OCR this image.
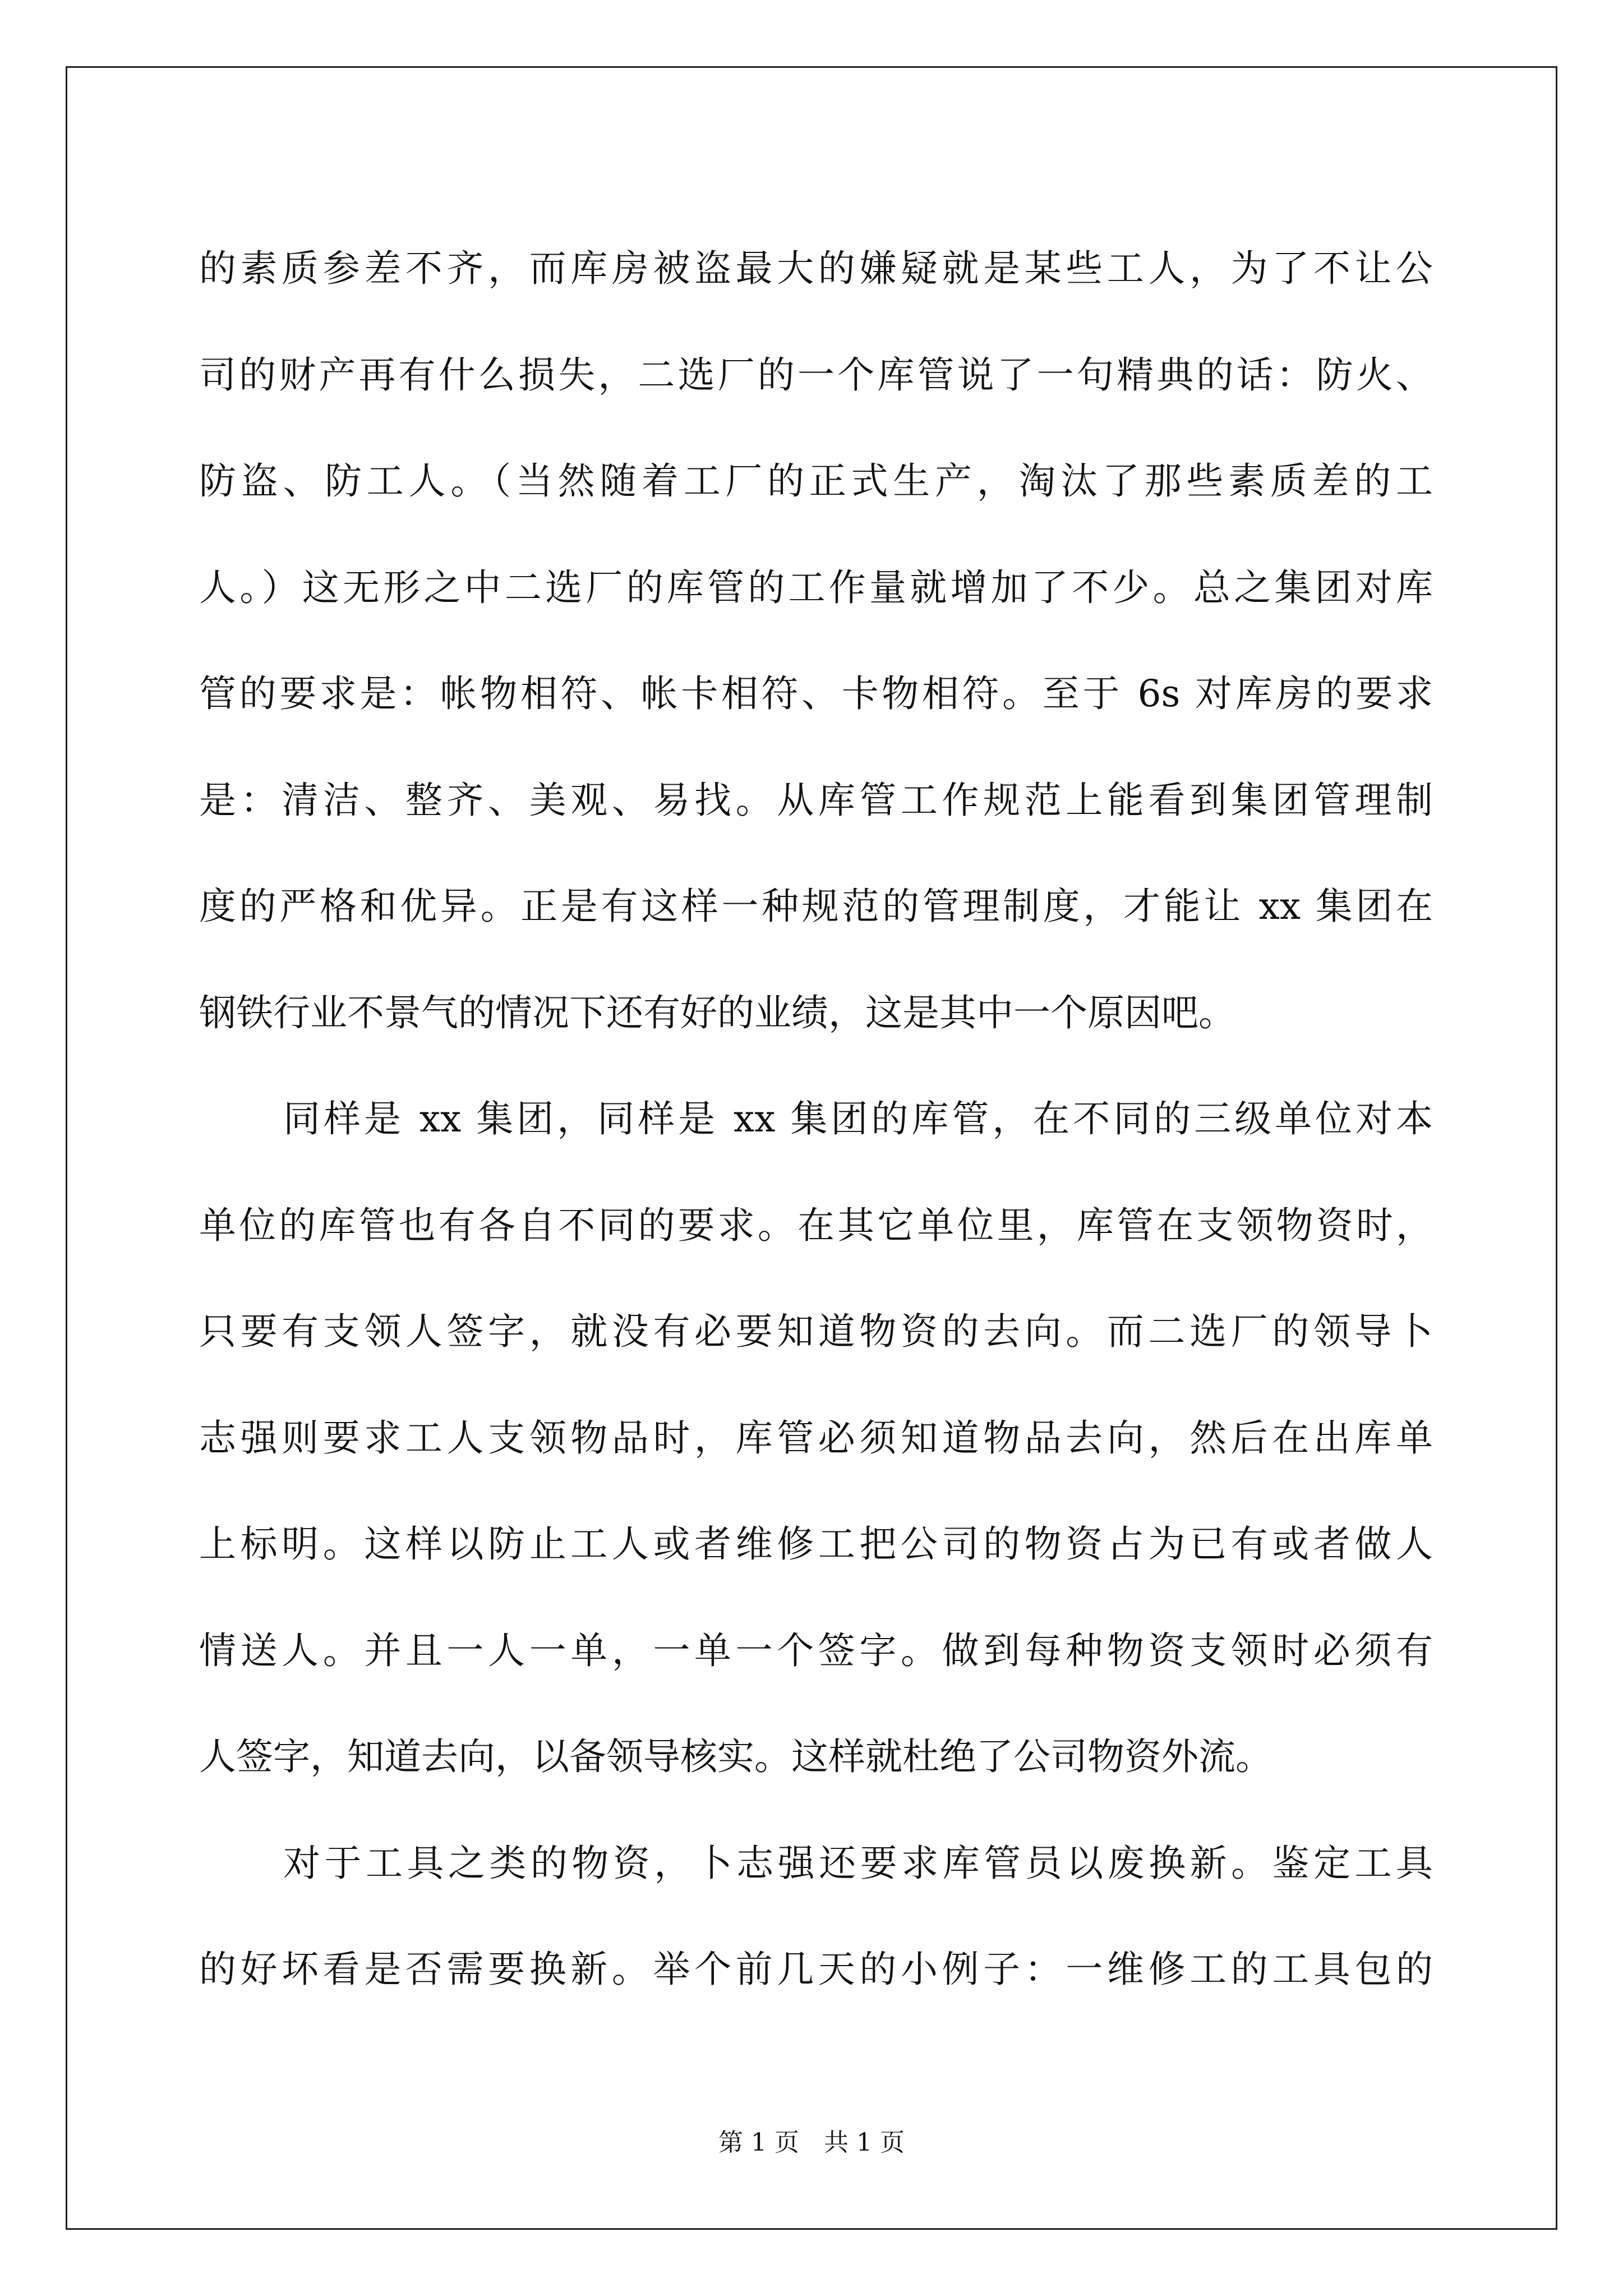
的素质参差不齐，而库房被盗最大的嫌疑就是某些工人，为了不让公
司的财产再有什么损失，二选厂的一个库管说了一句精典的话：防火、
防盗、防工人。（当然随着工厂的正式生产，淘汰了那些素质差的工
人。）这无形之中二选厂的库管的工作量就增加了不少。总之集团对库
管的要求是：帐物相符、帐卡相符、卡物相符。至于 6s 对库房的要求
是：清洁、整齐、美观、易找。从库管工作规范上能看到集团管理制
度的严格和优异。正是有这样一种规范的管理制度，才能让 xx 集团在
钢铁行业不景气的情况下还有好的业绩，这是其中一个原因吧。
同样是 xx 集团，同样是 xx 集团的库管，在不同的三级单位对本
单位的库管也有各自不同的要求。在其它单位里，库管在支领物资时，
只要有支领人签字，就没有必要知道物资的去向。而二选厂的领导卜
志强则要求工人支领物品时，库管必须知道物品去向，然后在出库单
上标明。这样以防止工人或者维修工把公司的物资占为已有或者做人
情送人。并且一人一单，一单一个签字。做到每种物资支领时必须有
人签字，知道去向，以备领导核实。这样就杜绝了公司物资外流。
对于工具之类的物资，卜志强还要求库管员以废换新。鉴定工具
的好坏看是否需要换新。举个前几天的小例子：一维修工的工具包的
第 1 页　共 1 页
